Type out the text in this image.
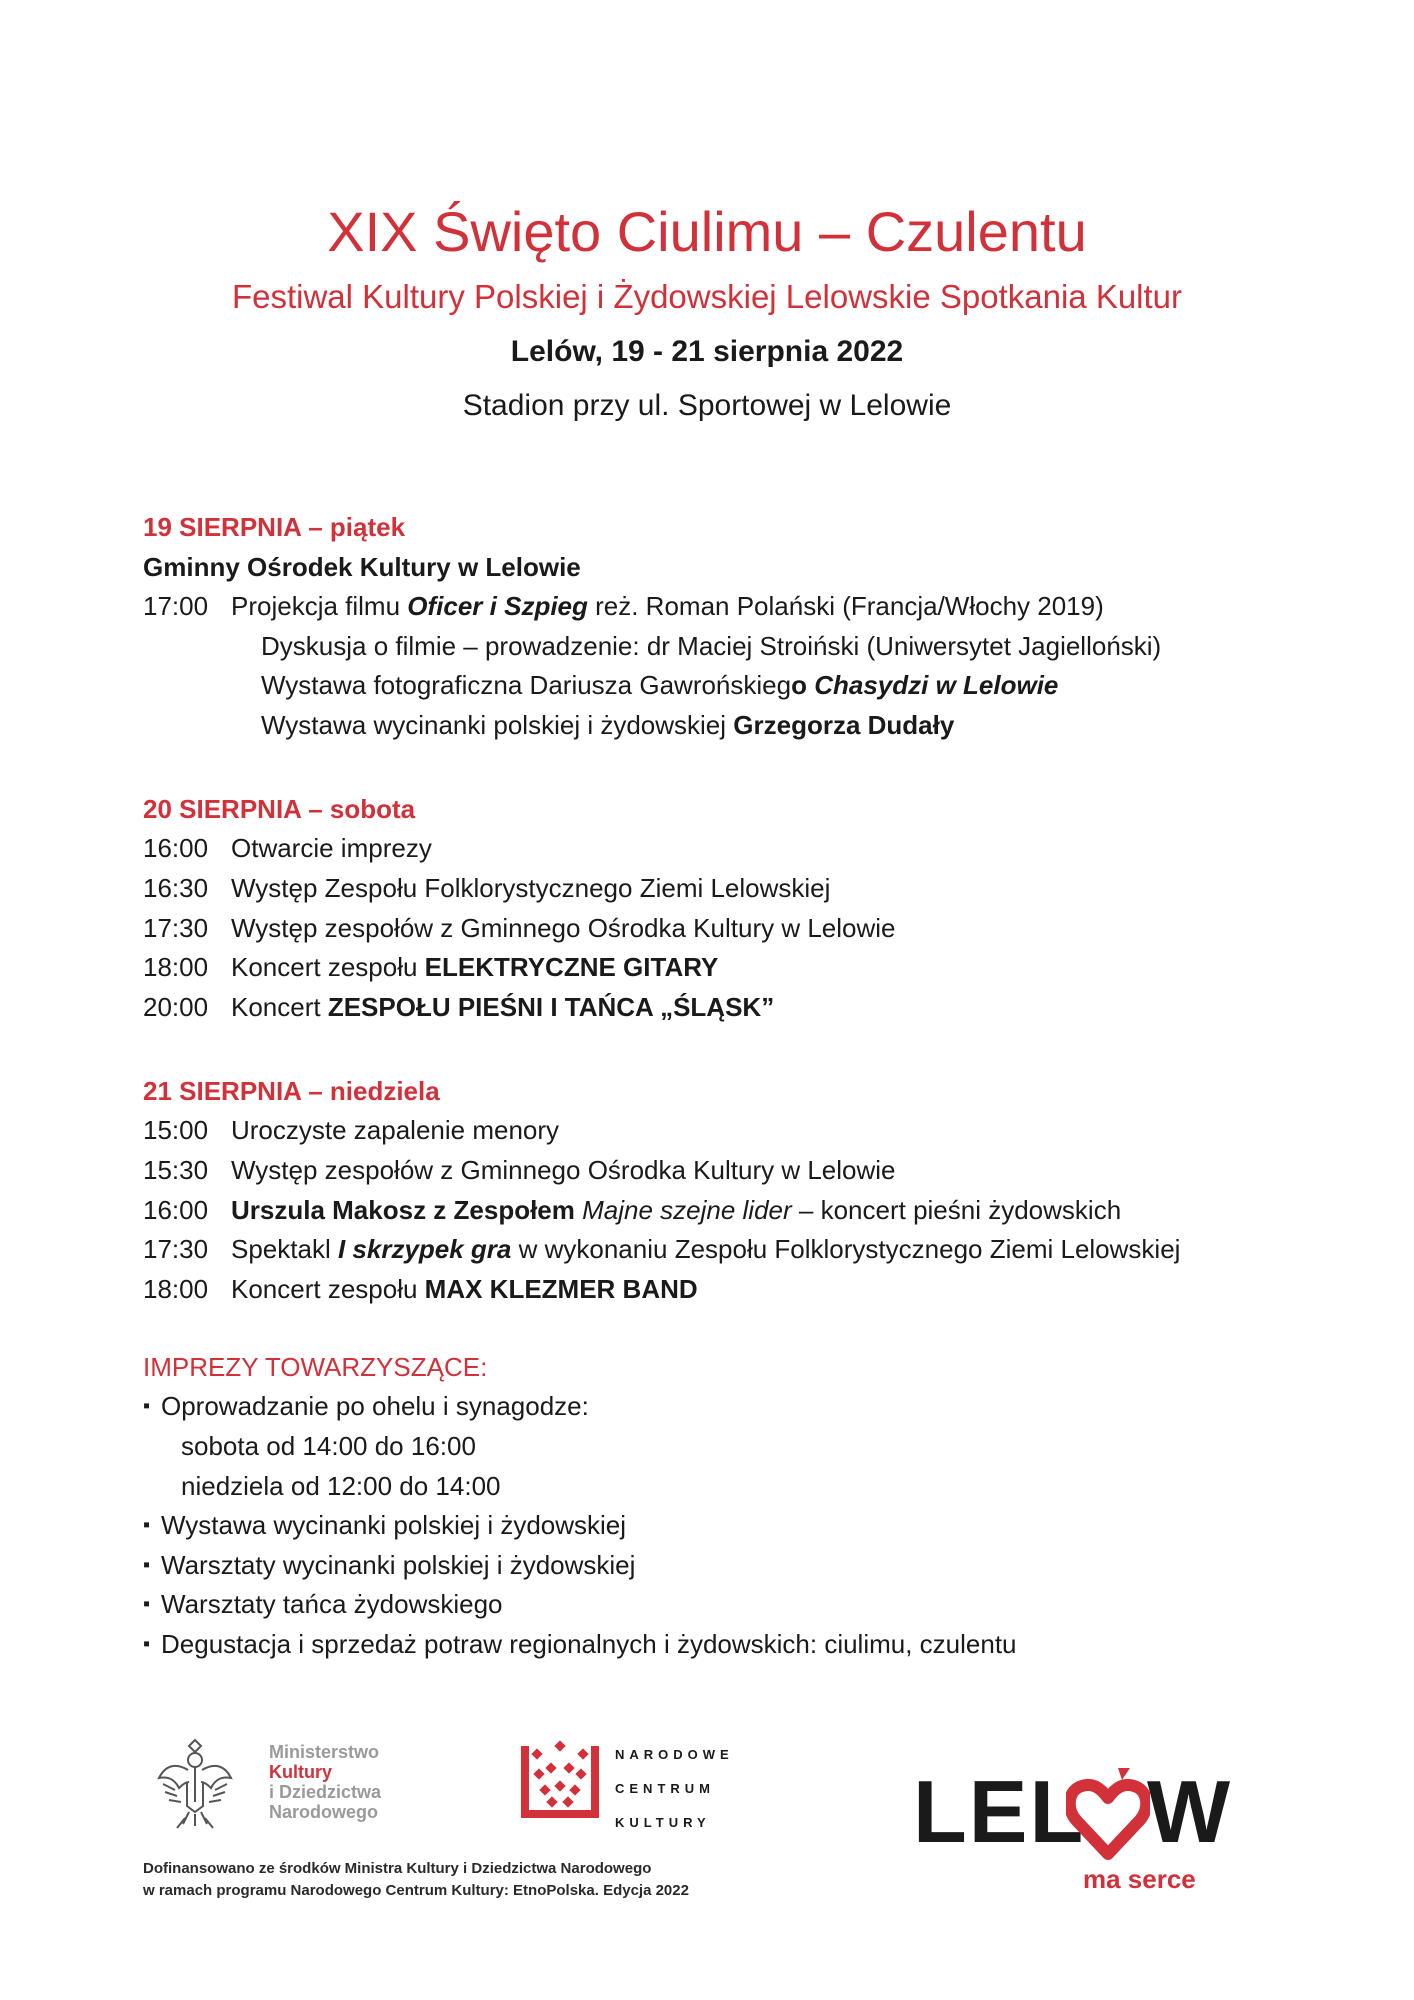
XIX Święto Ciulimu – Czulentu

Festiwal Kultury Polskiej i Żydowskiej Lelowskie Spotkania Kultur

Lelów, 19 - 21 sierpnia 2022

Stadion przy ul. Sportowej w Lelowie

19 SIERPNIA – piątek

Gminny Ośrodek Kultury w Lelowie

17:00 Projekcja filmu Oficer i Szpieg reż. Roman Polański (Francja/Włochy 2019)
Dyskusja o filmie – prowadzenie: dr Maciej Stroiński (Uniwersytet Jagielloński)
Wystawa fotograficzna Dariusza Gawrońskiego Chasydzi w Lelowie
Wystawa wycinanki polskiej i żydowskiej Grzegorza Dudały

20 SIERPNIA – sobota

16:00 Otwarcie imprezy
16:30 Występ Zespołu Folklorystycznego Ziemi Lelowskiej
17:30 Występ zespołów z Gminnego Ośrodka Kultury w Lelowie
18:00 Koncert zespołu ELEKTRYCZNE GITARY
20:00 Koncert ZESPOŁU PIEŚNI I TAŃCA „ŚLĄSK”

21 SIERPNIA – niedziela

15:00 Uroczyste zapalenie menory
15:30 Występ zespołów z Gminnego Ośrodka Kultury w Lelowie
16:00 Urszula Makosz z Zespołem Majne szejne lider – koncert pieśni żydowskich
17:30 Spektakl I skrzypek gra w wykonaniu Zespołu Folklorystycznego Ziemi Lelowskiej
18:00 Koncert zespołu MAX KLEZMER BAND

IMPREZY TOWARZYSZĄCE:

▪ Oprowadzanie po ohelu i synagodze:
sobota od 14:00 do 16:00
niedziela od 12:00 do 14:00
▪ Wystawa wycinanki polskiej i żydowskiej
▪ Warsztaty wycinanki polskiej i żydowskiej
▪ Warsztaty tańca żydowskiego
▪ Degustacja i sprzedaż potraw regionalnych i żydowskich: ciulimu, czulentu
Ministerstwo
Kultury
i Dziedzictwa
Narodowego
NARODOWE
CENTRUM
KULTURY
Dofinansowano ze środków Ministra Kultury i Dziedzictwa Narodowego
w ramach programu Narodowego Centrum Kultury: EtnoPolska. Edycja 2022
LEL W
ma serce
